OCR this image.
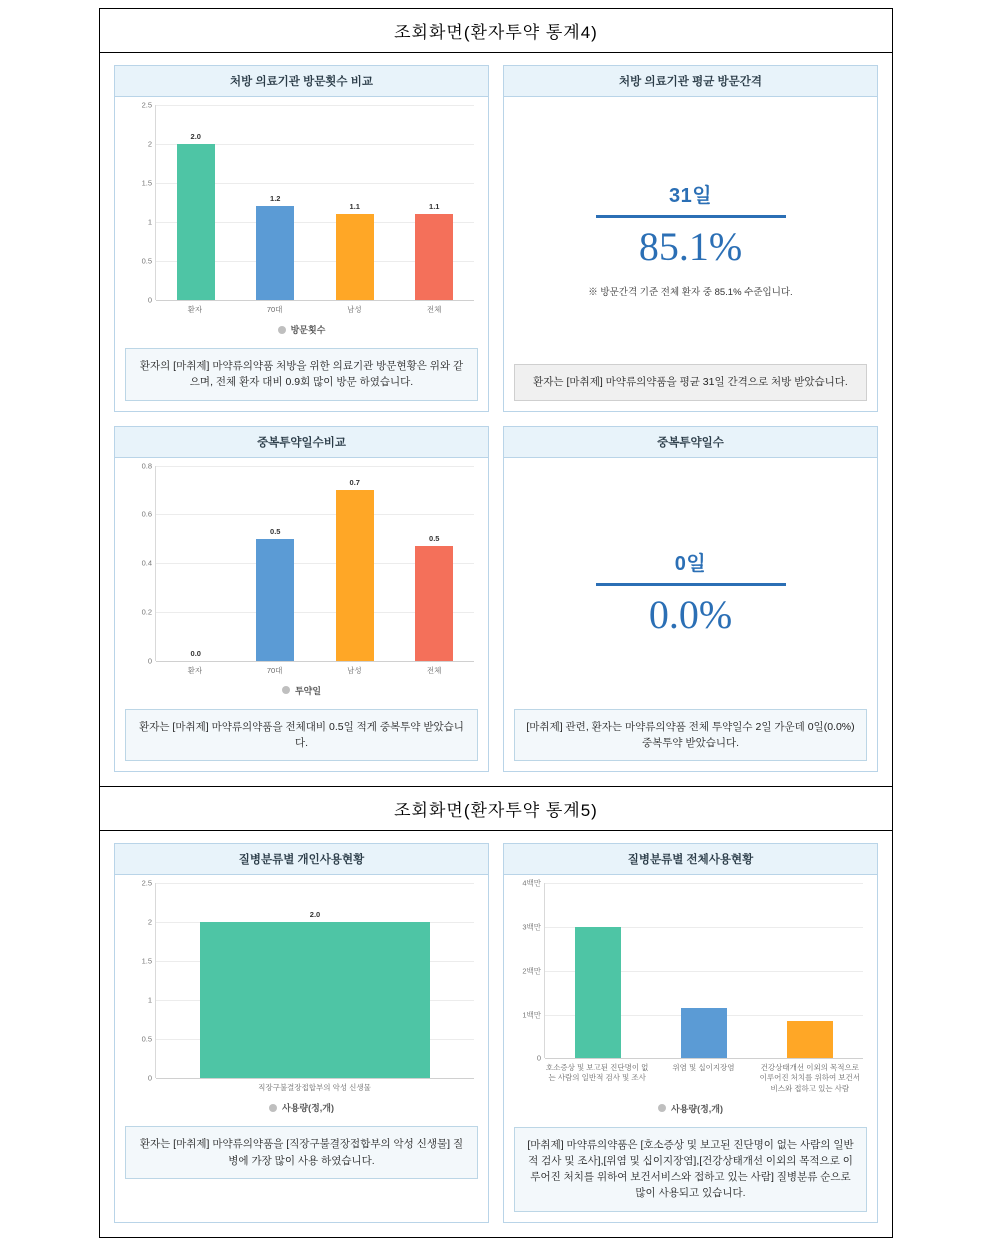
조회화면(환자투약 통계4)
처방 의료기관 방문횟수 비교
0
0.5
1
1.5
2
2.5
2.0
1.2
1.1	1.1
환자	70대	남성	전체
방문횟수
환자의 [마취제] 마약류의약품 처방을 위한 의료기관 방문현황은 위와 같으며, 전체 환자 대비 0.9회 많이 방문 하였습니다.
처방 의료기관 평균 방문간격
31일
85.1%
※ 방문간격 기준 전체 환자 중 85.1% 수준입니다.
환자는 [마취제] 마약류의약품을 평균 31일 간격으로 처방 받았습니다.
중복투약일수비교
0
0.2
0.4
0.6
0.8
0.0
0.5
0.7
0.5
환자	70대	남성	전체
투약일
환자는 [마취제] 마약류의약품을 전체대비 0.5일 적게 중복투약 받았습니다.
중복투약일수
0일
0.0%
[마취제] 관련, 환자는 마약류의약품 전체 투약일수 2일 가운데 0일(0.0%) 중복투약 받았습니다.
조회화면(환자투약 통계5)
질병분류별 개인사용현황
0
0.5
1
1.5
2
2.5
2.0
직장구불결장접합부의 악성 신생물
사용량(정,개)
환자는 [마취제] 마약류의약품을 [직장구불결장접합부의 악성 신생물] 질병에 가장 많이 사용 하였습니다.
질병분류별 전체사용현황
0
1백만
2백만
3백만
4백만
호소증상 및 보고된 진단명이 없는 사람의 일반적 검사 및 조사
위염 및 십이지장염	건강상태개선 이외의 목적으로 이루어진 처치를 위하여 보건서비스와 접하고 있는 사람
사용량(정,개)
[마취제] 마약류의약품은 [호소증상 및 보고된 진단명이 없는 사람의 일반적 검사 및 조사],[위염 및 십이지장염],[건강상태개선 이외의 목적으로 이루어진 처치를 위하여 보건서비스와 접하고 있는 사람] 질병분류 순으로 많이 사용되고 있습니다.
